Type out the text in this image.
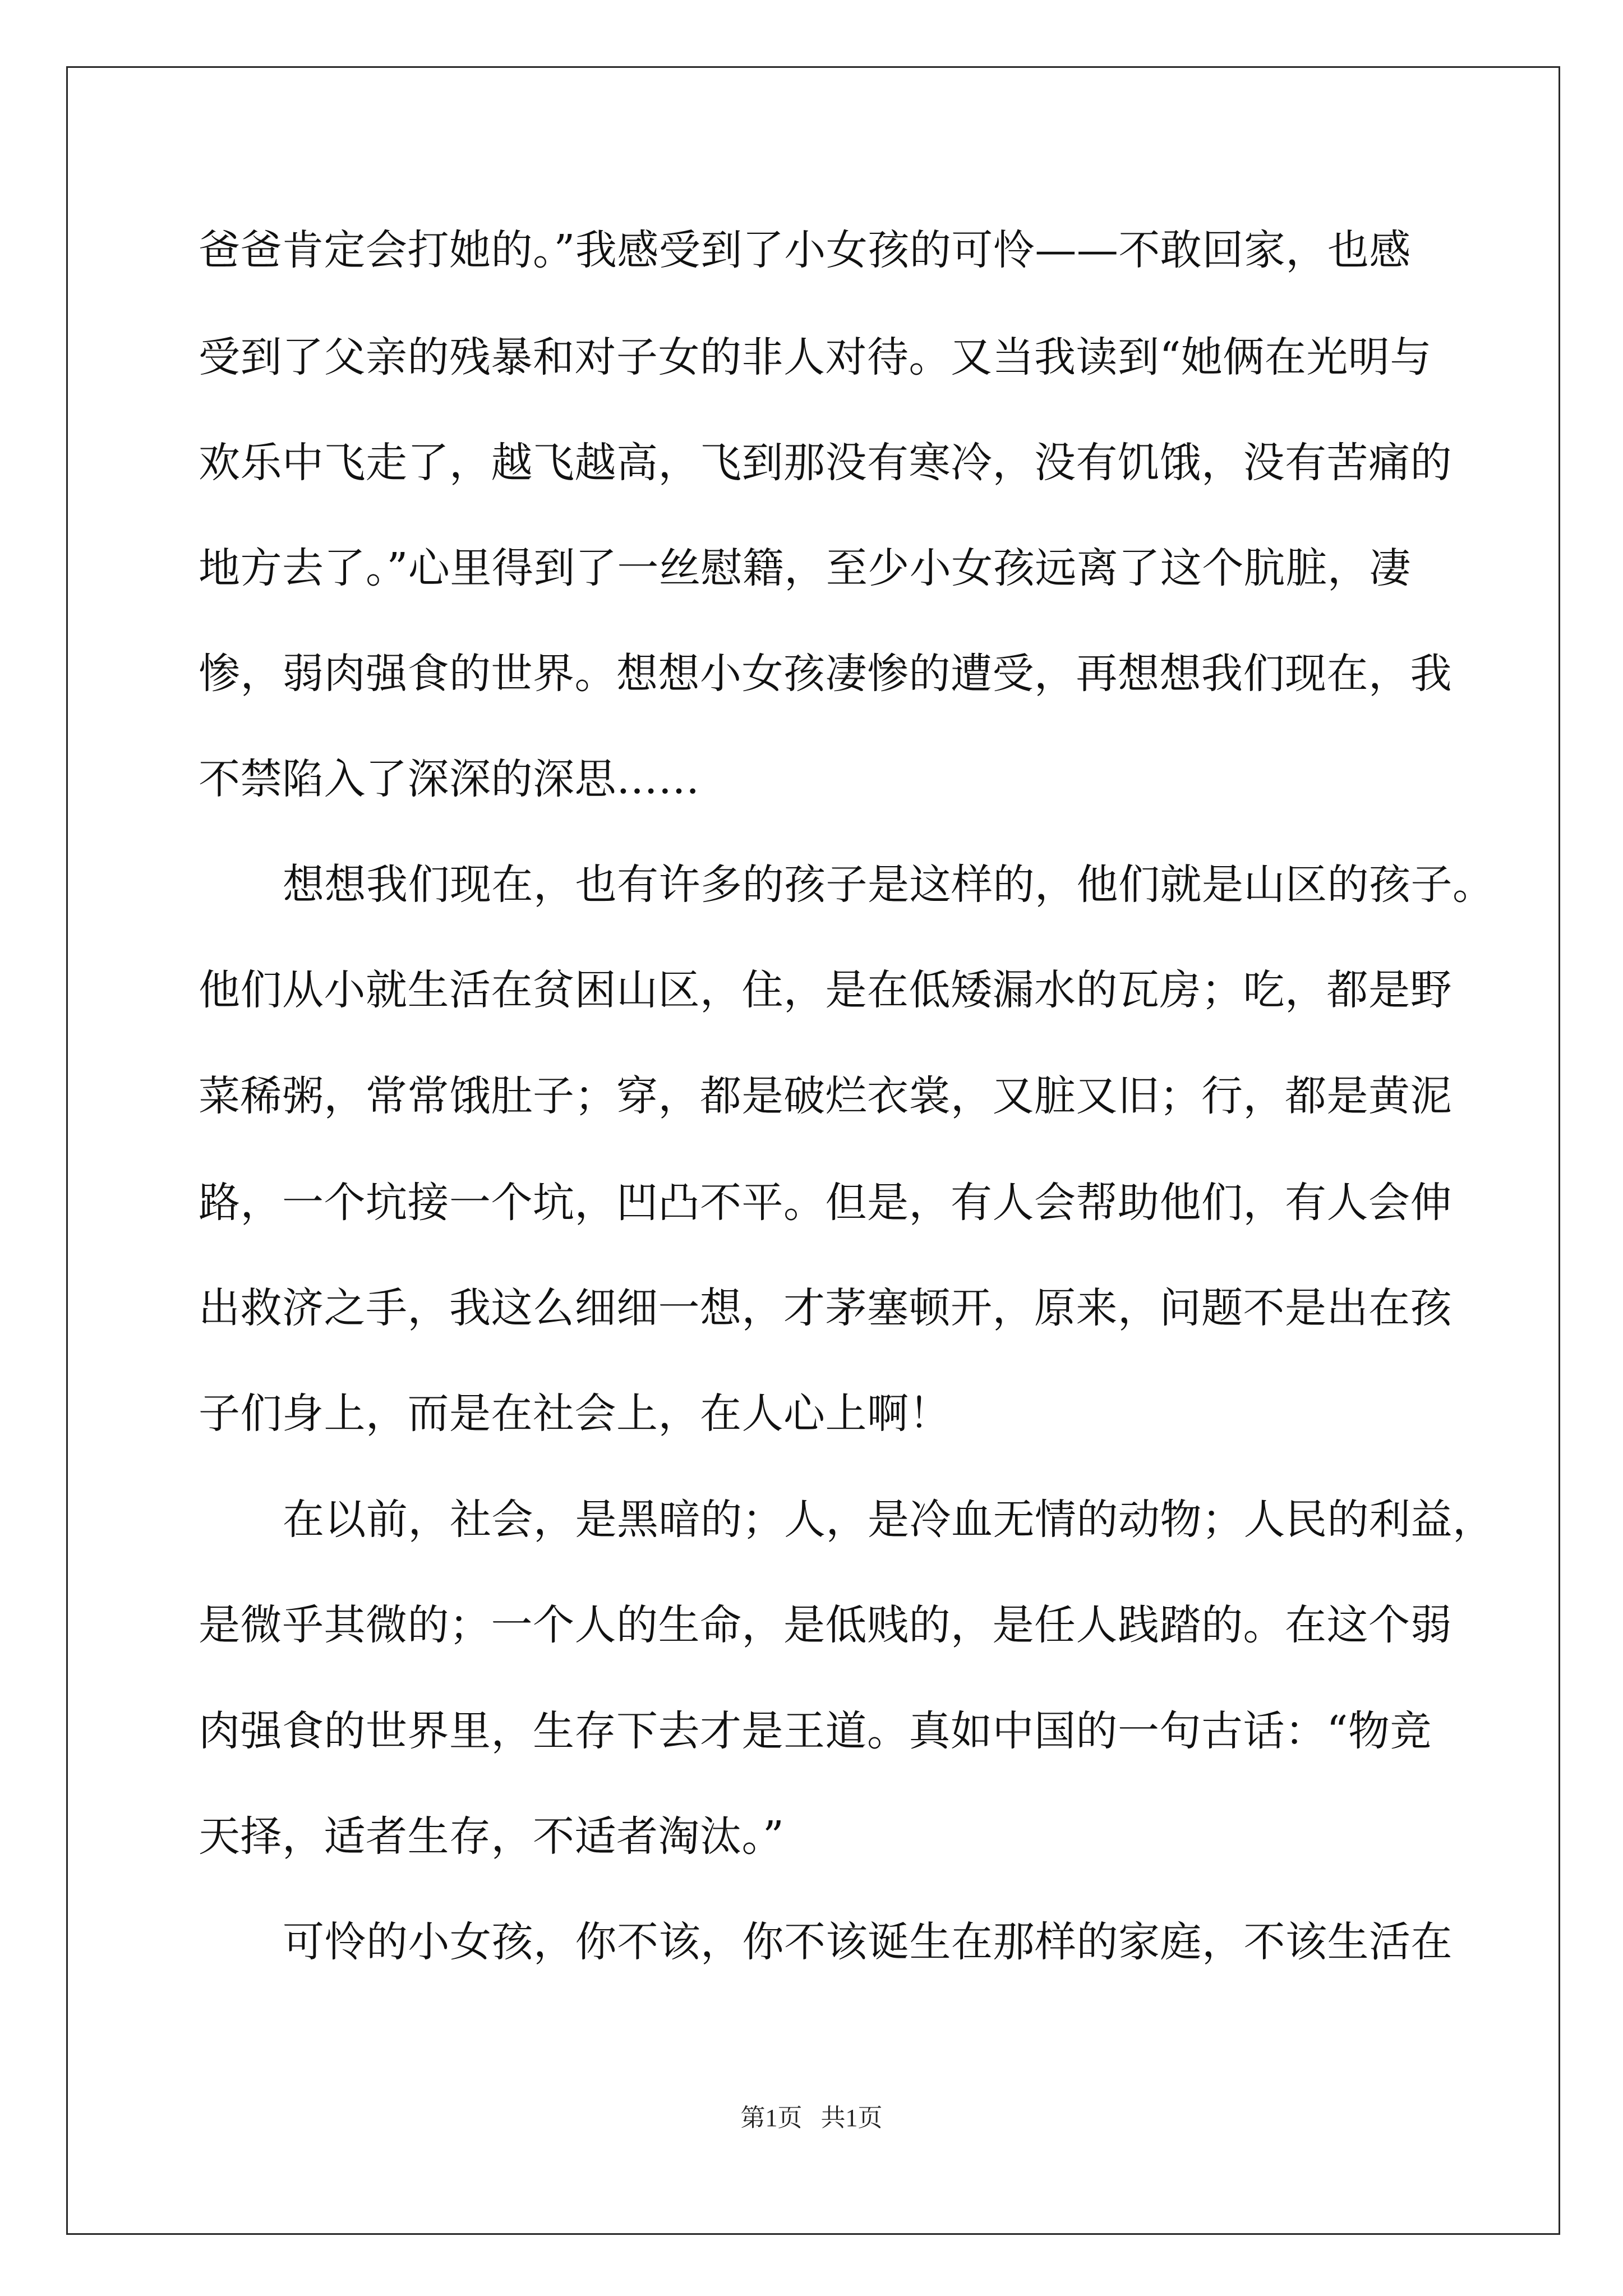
爸爸肯定会打她的。”我感受到了小女孩的可怜——不敢回家，也感
受到了父亲的残暴和对子女的非人对待。又当我读到“她俩在光明与
欢乐中飞走了，越飞越高，飞到那没有寒冷，没有饥饿，没有苦痛的
地方去了。”心里得到了一丝慰籍，至少小女孩远离了这个肮脏，凄
惨，弱肉强食的世界。想想小女孩凄惨的遭受，再想想我们现在，我
不禁陷入了深深的深思……
想想我们现在，也有许多的孩子是这样的，他们就是山区的孩子。
他们从小就生活在贫困山区，住，是在低矮漏水的瓦房；吃，都是野
菜稀粥，常常饿肚子；穿，都是破烂衣裳，又脏又旧；行，都是黄泥
路，一个坑接一个坑，凹凸不平。但是，有人会帮助他们，有人会伸
出救济之手，我这么细细一想，才茅塞顿开，原来，问题不是出在孩
子们身上，而是在社会上，在人心上啊！
在以前，社会，是黑暗的；人，是冷血无情的动物；人民的利益，
是微乎其微的；一个人的生命，是低贱的，是任人践踏的。在这个弱
肉强食的世界里，生存下去才是王道。真如中国的一句古话：“物竞
天择，适者生存，不适者淘汰。”
可怜的小女孩，你不该，你不该诞生在那样的家庭，不该生活在
第1页   共1页
